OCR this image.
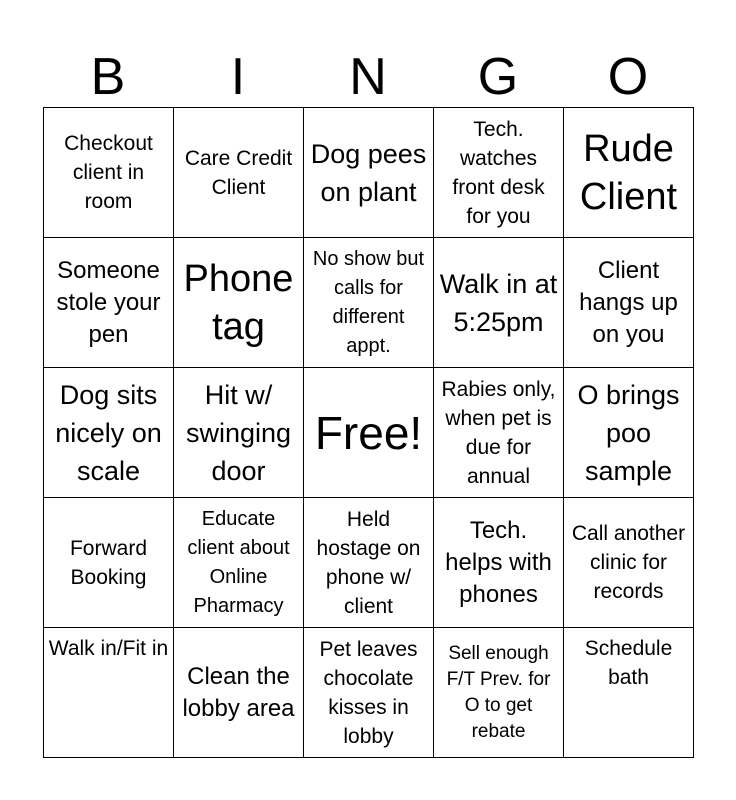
B	I	N	G	O
Checkout client in room	Care Credit Client	Dog pees on plant	Tech. watches front desk for you	Rude Client

Someone stole your pen	Phone tag	No show but calls for different appt.	Walk in at 5:25pm	Client hangs up on you

Dog sits nicely on scale	Hit w/ swinging door	Free!	Rabies only, when pet is due for annual	O brings poo sample

Forward Booking	Educate client about Online Pharmacy	Held hostage on phone w/ client	Tech. helps with phones	Call another clinic for records

Walk in/Fit in	Clean the lobby area	Pet leaves chocolate kisses in lobby	Sell enough F/T Prev. for O to get rebate	Schedule bath
